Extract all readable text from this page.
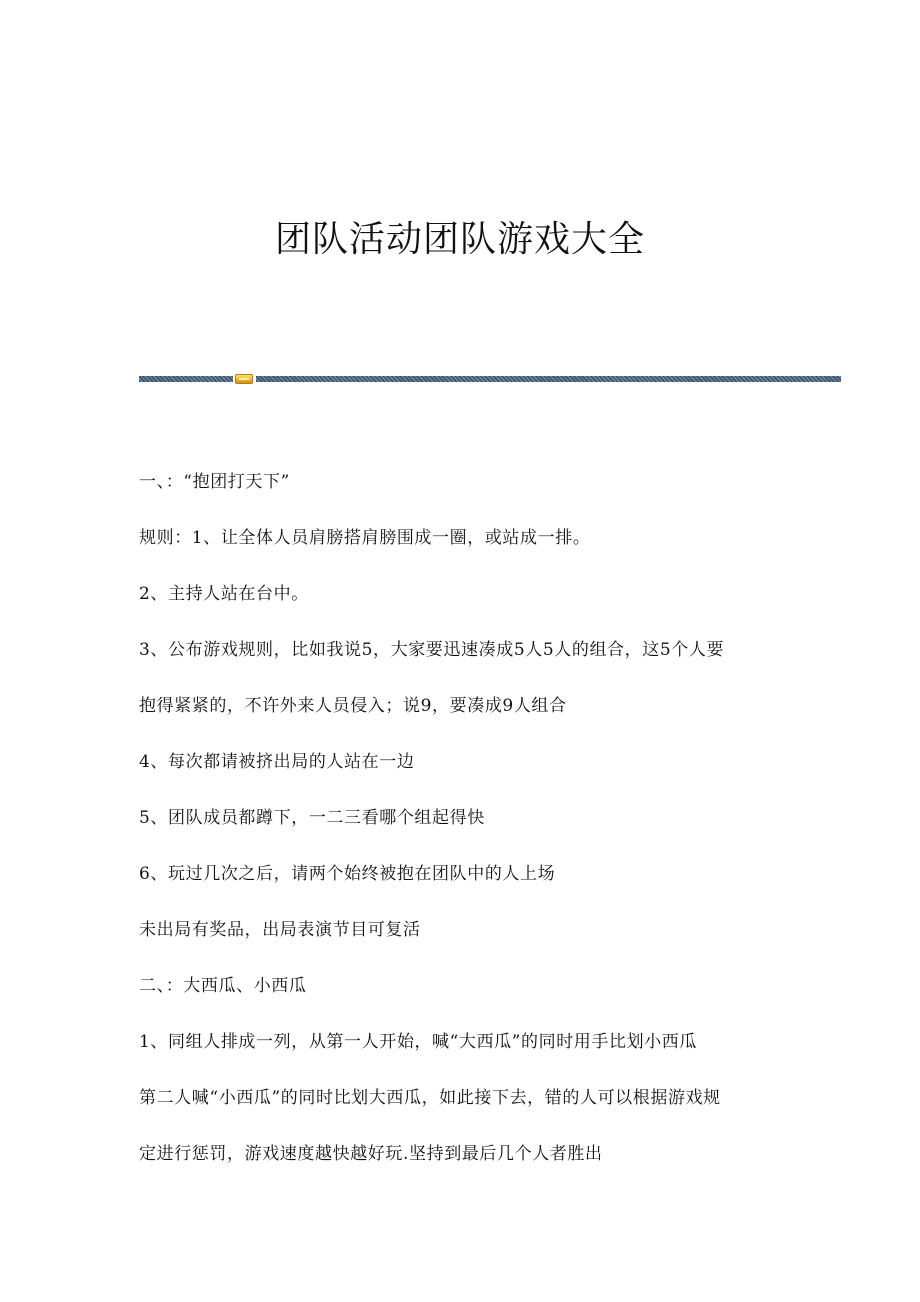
团队活动团队游戏大全

一、：“抱团打天下”

规则：1、让全体人员肩膀搭肩膀围成一圈，或站成一排。

2、主持人站在台中。

3、公布游戏规则，比如我说5，大家要迅速凑成5人5人的组合，这5个人要

抱得紧紧的，不许外来人员侵入；说9，要凑成9人组合

4、每次都请被挤出局的人站在一边

5、团队成员都蹲下，一二三看哪个组起得快

6、玩过几次之后，请两个始终被抱在团队中的人上场

未出局有奖品，出局表演节目可复活

二、：大西瓜、小西瓜

1、同组人排成一列，从第一人开始，喊“大西瓜”的同时用手比划小西瓜

第二人喊“小西瓜”的同时比划大西瓜，如此接下去，错的人可以根据游戏规

定进行惩罚，游戏速度越快越好玩.坚持到最后几个人者胜出
